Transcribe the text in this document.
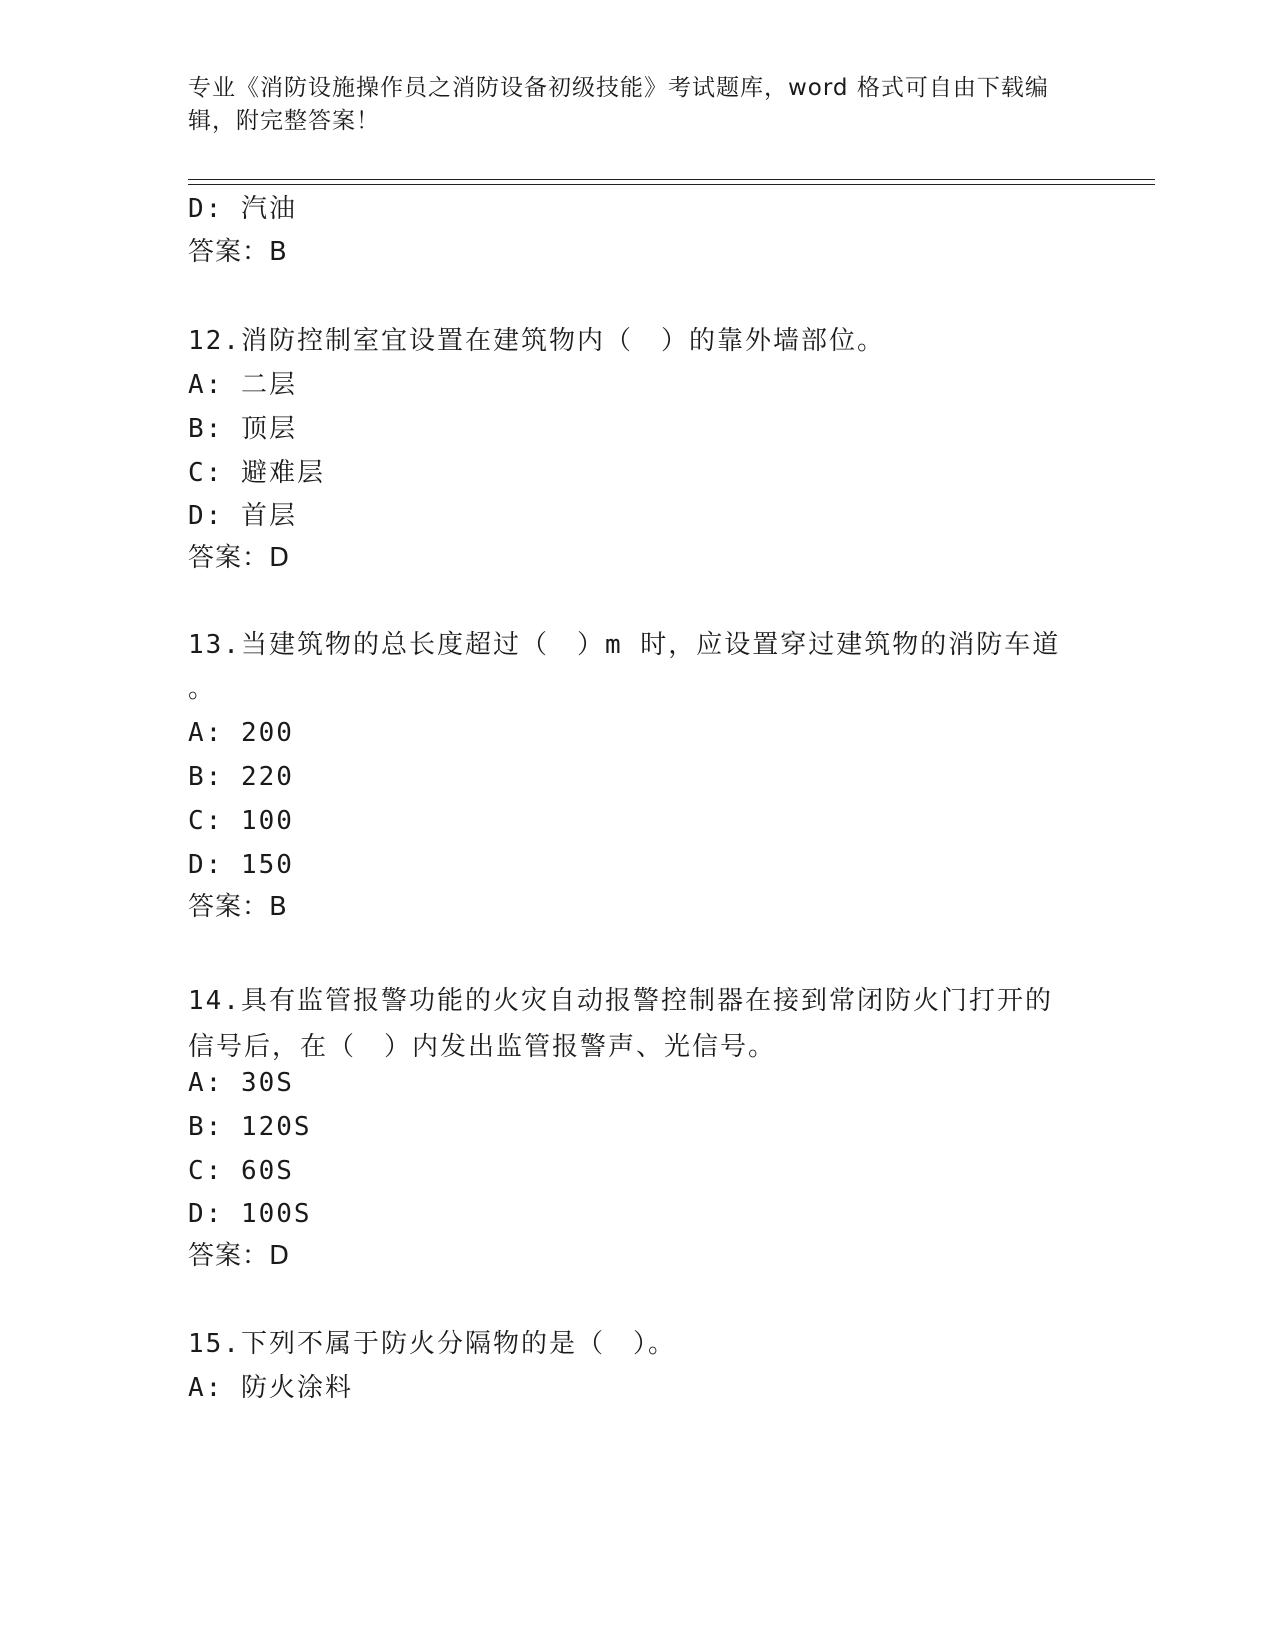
专业《消防设施操作员之消防设备初级技能》考试题库，word 格式可自由下载编辑，附完整答案！
D: 汽油
答案：B
12.消防控制室宜设置在建筑物内（　）的靠外墙部位。
A: 二层
B: 顶层
C: 避难层
D: 首层
答案：D
13.当建筑物的总长度超过（　）m 时，应设置穿过建筑物的消防车道
。
A: 200
B: 220
C: 100
D: 150
答案：B
14.具有监管报警功能的火灾自动报警控制器在接到常闭防火门打开的信号后，在（　）内发出监管报警声、光信号。
A: 30S
B: 120S
C: 60S
D: 100S
答案：D
15.下列不属于防火分隔物的是（　）。
A: 防火涂料
